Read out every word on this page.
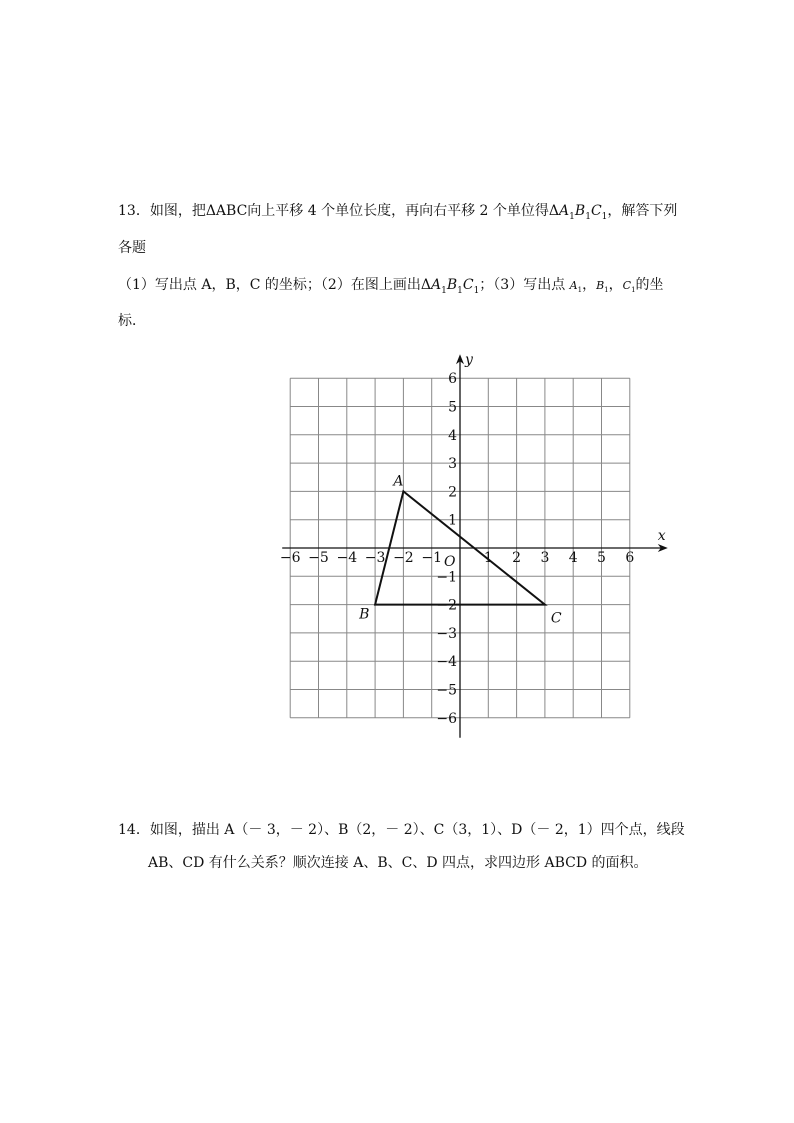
13．如图，把ΔABC向上平移 4 个单位长度，再向右平移 2 个单位得$\Delta A_1B_1C_1$，解答下列
各题
（1）写出点 A，B，C 的坐标；（2）在图上画出$\Delta A_1B_1C_1$；（3）写出点 $A_1$，$B_1$，$C_1$的坐
标．
x
y
O
−6 −5 −4 −3 −2 −1	1 2 3 4 5 6
6
5
4
3
2
1
−1
−2
−3
−4
−5
−6
A
B	C
14．如图，描出 A（－ 3，－ 2）、B（2，－ 2）、C（3，1）、D（－ 2，1）四个点，线段
AB、CD 有什么关系？顺次连接 A、B、C、D 四点，求四边形 ABCD 的面积。
